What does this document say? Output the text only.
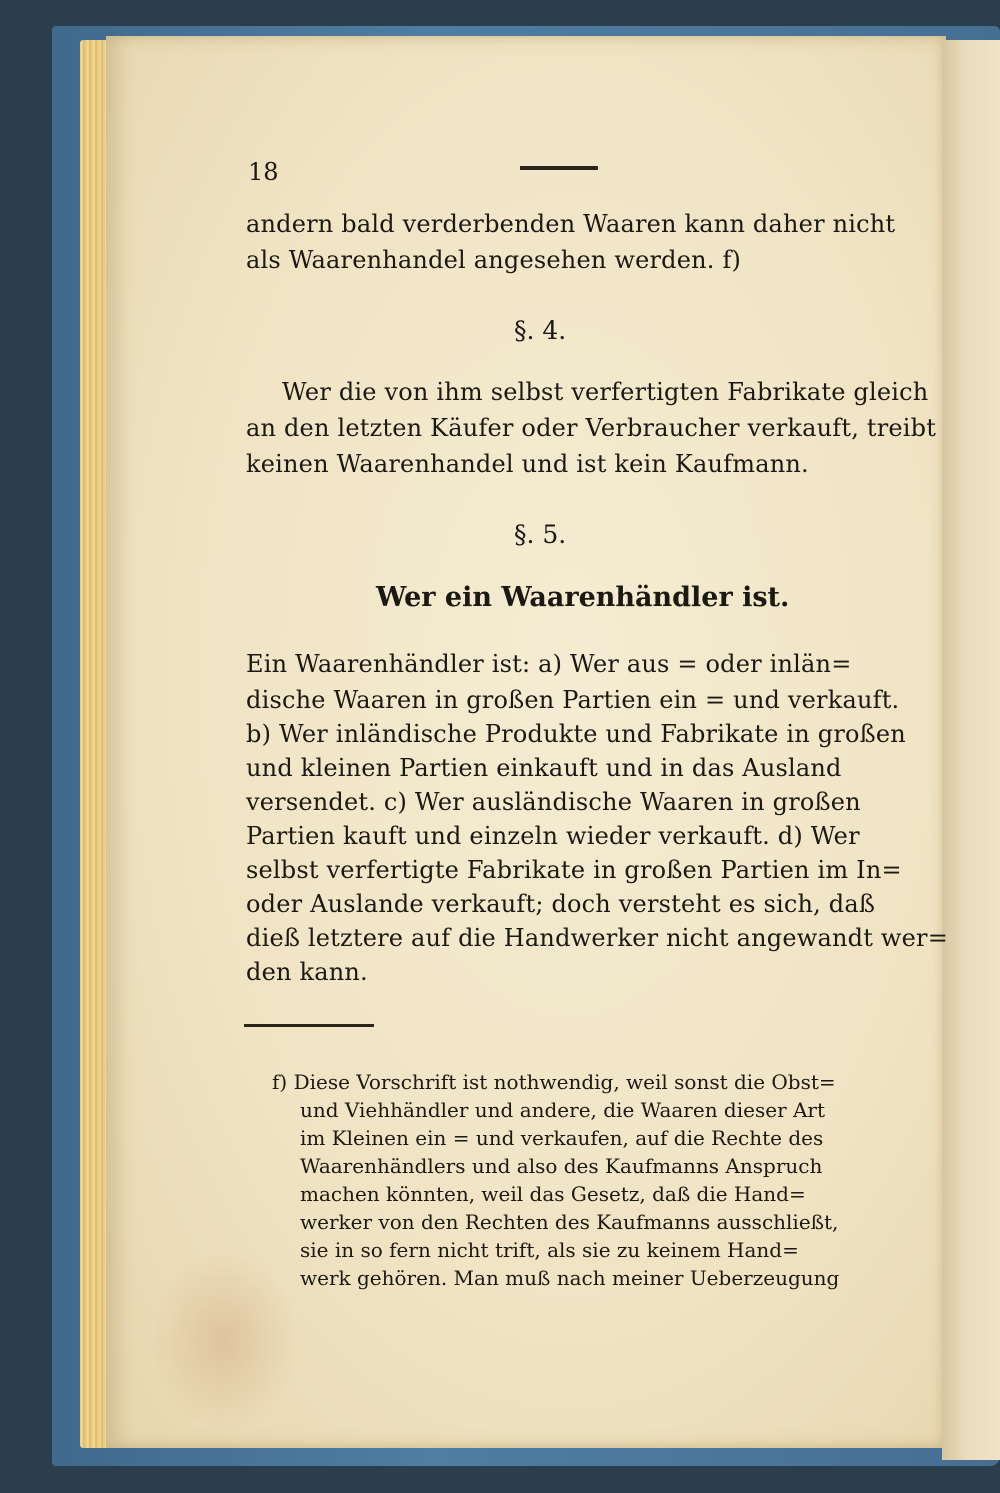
18
andern bald verderbenden Waaren kann daher nicht
als Waarenhandel angesehen werden. f)
§. 4.
Wer die von ihm selbst verfertigten Fabrikate gleich
an den letzten Käufer oder Verbraucher verkauft, treibt
keinen Waarenhandel und ist kein Kaufmann.
§. 5.
Wer ein Waarenhändler ist.
Ein Waarenhändler ist: a) Wer aus = oder inlän=
dische Waaren in großen Partien ein = und verkauft.
b) Wer inländische Produkte und Fabrikate in großen
und kleinen Partien einkauft und in das Ausland
versendet. c) Wer ausländische Waaren in großen
Partien kauft und einzeln wieder verkauft. d) Wer
selbst verfertigte Fabrikate in großen Partien im In=
oder Auslande verkauft; doch versteht es sich, daß
dieß letztere auf die Handwerker nicht angewandt wer=
den kann.
f) Diese Vorschrift ist nothwendig, weil sonst die Obst=
und Viehhändler und andere, die Waaren dieser Art
im Kleinen ein = und verkaufen, auf die Rechte des
Waarenhändlers und also des Kaufmanns Anspruch
machen könnten, weil das Gesetz, daß die Hand=
werker von den Rechten des Kaufmanns ausschließt,
sie in so fern nicht trift, als sie zu keinem Hand=
werk gehören. Man muß nach meiner Ueberzeugung
